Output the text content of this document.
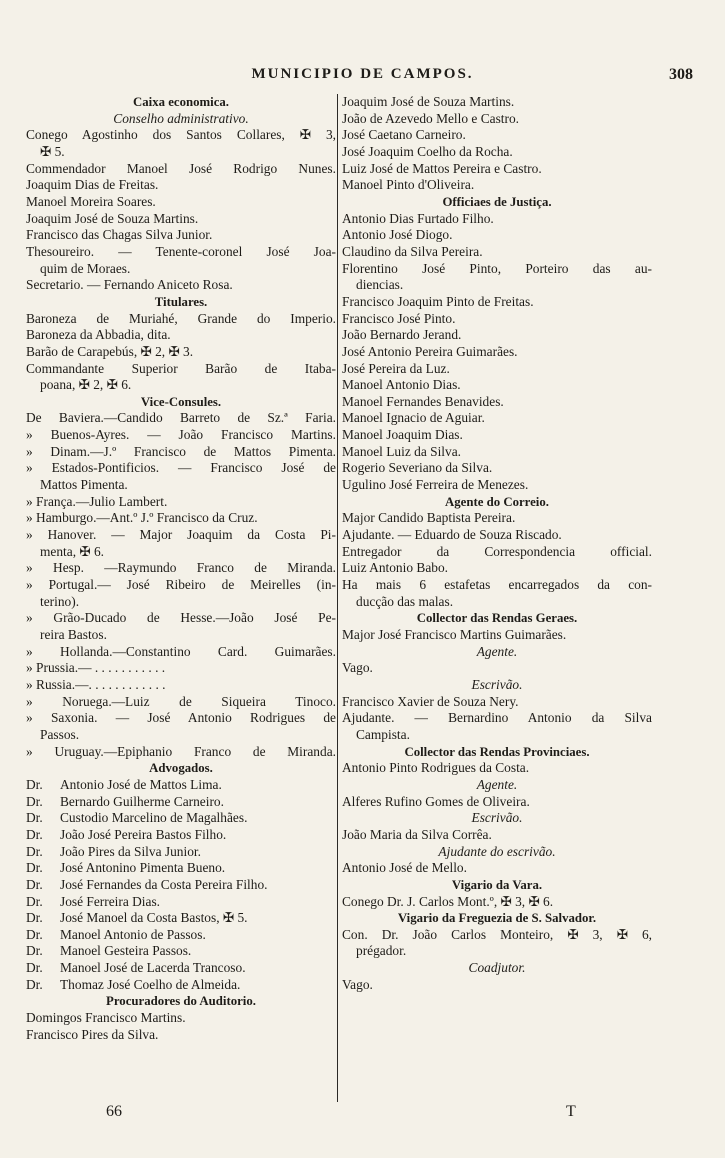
MUNICIPIO DE CAMPOS.	308
Caixa economica.
Conselho administrativo.
Conego Agostinho dos Santos Collares, ✠ 3,
✠ 5.
Commendador Manoel José Rodrigo Nunes.
Joaquim Dias de Freitas.
Manoel Moreira Soares.
Joaquim José de Souza Martins.
Francisco das Chagas Silva Junior.
Thesoureiro. — Tenente-coronel José Joa-
quim de Moraes.
Secretario. — Fernando Aniceto Rosa.
Titulares.
Baroneza de Muriahé, Grande do Imperio.
Baroneza da Abbadia, dita.
Barão de Carapebús, ✠ 2, ✠ 3.
Commandante Superior Barão de Itaba-
poana, ✠ 2, ✠ 6.
Vice-Consules.
De Baviera.—Candido Barreto de Sz.ª Faria.
» Buenos-Ayres. — João Francisco Martins.
» Dinam.—J.º Francisco de Mattos Pimenta.
» Estados-Pontificios. — Francisco José de
Mattos Pimenta.
» França.—Julio Lambert.
» Hamburgo.—Ant.º J.º Francisco da Cruz.
» Hanover. — Major Joaquim da Costa Pi-
menta, ✠ 6.
» Hesp. —Raymundo Franco de Miranda.
» Portugal.— José Ribeiro de Meirelles (in-
terino).
» Grão-Ducado de Hesse.—João José Pe-
reira Bastos.
» Hollanda.—Constantino Card. Guimarães.
» Prussia.— . . . . . . . . . . .
» Russia.—. . . . . . . . . . . .
» Noruega.—Luiz de Siqueira Tinoco.
» Saxonia. — José Antonio Rodrigues de
Passos.
» Uruguay.—Epiphanio Franco de Miranda.
Advogados.
Dr.	Antonio José de Mattos Lima.
Dr.	Bernardo Guilherme Carneiro.
Dr.	Custodio Marcelino de Magalhães.
Dr.	João José Pereira Bastos Filho.
Dr.	João Pires da Silva Junior.
Dr.	José Antonino Pimenta Bueno.
Dr.	José Fernandes da Costa Pereira Filho.
Dr.	José Ferreira Dias.
Dr.	José Manoel da Costa Bastos, ✠ 5.
Dr.	Manoel Antonio de Passos.
Dr.	Manoel Gesteira Passos.
Dr.	Manoel José de Lacerda Trancoso.
Dr.	Thomaz José Coelho de Almeida.
Procuradores do Auditorio.
Domingos Francisco Martins.
Francisco Pires da Silva.
Joaquim José de Souza Martins.
João de Azevedo Mello e Castro.
José Caetano Carneiro.
José Joaquim Coelho da Rocha.
Luiz José de Mattos Pereira e Castro.
Manoel Pinto d'Oliveira.
Officiaes de Justiça.
Antonio Dias Furtado Filho.
Antonio José Diogo.
Claudino da Silva Pereira.
Florentino José Pinto, Porteiro das au-
diencias.
Francisco Joaquim Pinto de Freitas.
Francisco José Pinto.
João Bernardo Jerand.
José Antonio Pereira Guimarães.
José Pereira da Luz.
Manoel Antonio Dias.
Manoel Fernandes Benavides.
Manoel Ignacio de Aguiar.
Manoel Joaquim Dias.
Manoel Luiz da Silva.
Rogerio Severiano da Silva.
Ugulino José Ferreira de Menezes.
Agente do Correio.
Major Candido Baptista Pereira.
Ajudante. — Eduardo de Souza Riscado.
Entregador da Correspondencia official.
Luiz Antonio Babo.
Ha mais 6 estafetas encarregados da con-
ducção das malas.
Collector das Rendas Geraes.
Major José Francisco Martins Guimarães.
Agente.
Vago.
Escrivão.
Francisco Xavier de Souza Nery.
Ajudante. — Bernardino Antonio da Silva
Campista.
Collector das Rendas Provinciaes.
Antonio Pinto Rodrigues da Costa.
Agente.
Alferes Rufino Gomes de Oliveira.
Escrivão.
João Maria da Silva Corrêa.
Ajudante do escrivão.
Antonio José de Mello.
Vigario da Vara.
Conego Dr. J. Carlos Mont.º, ✠ 3, ✠ 6.
Vigario da Freguezia de S. Salvador.
Con. Dr. João Carlos Monteiro, ✠ 3, ✠ 6,
prégador.
Coadjutor.
Vago.
66	T
